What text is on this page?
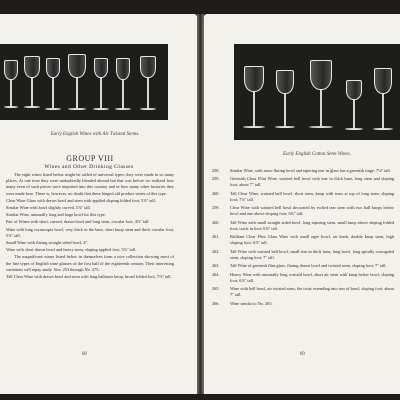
Early English Wines with Air Twisted Stems.
GROUP VIII
Wines and Other Drinking Glasses

The eight wines listed below might be called of universal types; they were made in so many places. At one time they were undoubtedly blended abroad but that was before we realized how many even of such pieces were imported into this country and in how many other factories they were made here. There is, however, no doubt that these hinged old product wines of this type.

Clear Wine Glass with drawn bowl and stem with applied sloping folded foot, 5⅞" tall.

Similar Wine with bowl slightly curved, 5⅞" tall.

Similar Wine, unusually long and large bowl for this type.

Pair of Wines with short, curved, drawn bowl and long stem, circular foot, 4⅞" tall.

Wine with long cornucopia bowl, very thick in the base, short knop stem and thick circular foot, 5⅞" tall.

Small Wine with flaring straight sided bowl, 4".

Wine with short drawn bowl and heavy stem, sloping applied foot, 5⅞" tall.

The magnificent wines listed below in themselves form a nice collection showing most of the fine types of English wine glasses of the first half of the eighteenth century. Their interesting variations will repay study. Nos. 253 through No. 275.

Tall Clear Wine with drawn bowl and stem with long balluster knop, broad folded foot, 7⅞" tall.

68
Early English Cotton Stem Wines.
258.	Similar Wine, with more flaring bowl and tapering tear in glass has a greenish tinge; 7⅛" tall.
259.	Greenish Clear Flint Wine, waisted bell bowl with tear in thick base, long stem and sloping foot; about 7" tall.
260.	Tall Clear Wine, waisted bell bowl, short stem, knop with tears at top of long stem, sloping foot; 7⅛" tall.
259.	Clear Wine with waisted bell bowl decorated by etched tear stem with two ball knops below bowl and one above sloping foot; 6⅞" tall.
260.	Tall Wine with small straight sided bowl, long tapering stem, small knop above sloping folded foot; crack in foot; 6⅞" tall.
261.	Brilliant Clear Flint Glass Wine with small ogee bowl, air knob, double knop stem, high sloping foot; 6⅞" tall.
262.	Tall Wine with waisted bell bowl, small tear in thick base, long bowl, long spirally corrugated stem, sloping foot; 7" tall.
263.	Tall Wine of greenish flint glass, flaring drawn bowl and twisted stem, sloping foot; 7" tall.
264.	Heavy Wine with unusually long waisted bowl, short air stem with knop below bowl, sloping foot; 6⅞" tall.
265.	Wine with bell bowl, air twisted stem, the twist extending into rim of bowl, sloping foot; about 7" tall.
266.	Wine similar to No. 265.
69
